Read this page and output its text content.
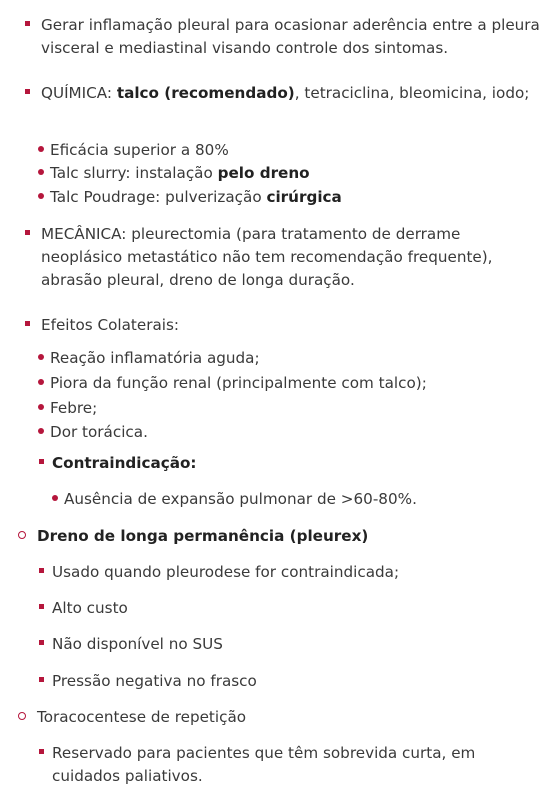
Gerar inflamação pleural para ocasionar aderência entre a pleura visceral e mediastinal visando controle dos sintomas.
QUÍMICA: talco (recomendado), tetraciclina, bleomicina, iodo;
Eficácia superior a 80%
Talc slurry: instalação pelo dreno
Talc Poudrage: pulverização cirúrgica
MECÂNICA: pleurectomia (para tratamento de derrame neoplásico metastático não tem recomendação frequente), abrasão pleural, dreno de longa duração.
Efeitos Colaterais:
Reação inflamatória aguda;
Piora da função renal (principalmente com talco);
Febre;
Dor torácica.
Contraindicação:
Ausência de expansão pulmonar de >60-80%.
Dreno de longa permanência (pleurex)
Usado quando pleurodese for contraindicada;
Alto custo
Não disponível no SUS
Pressão negativa no frasco
Toracocentese de repetição
Reservado para pacientes que têm sobrevida curta, em cuidados paliativos.
